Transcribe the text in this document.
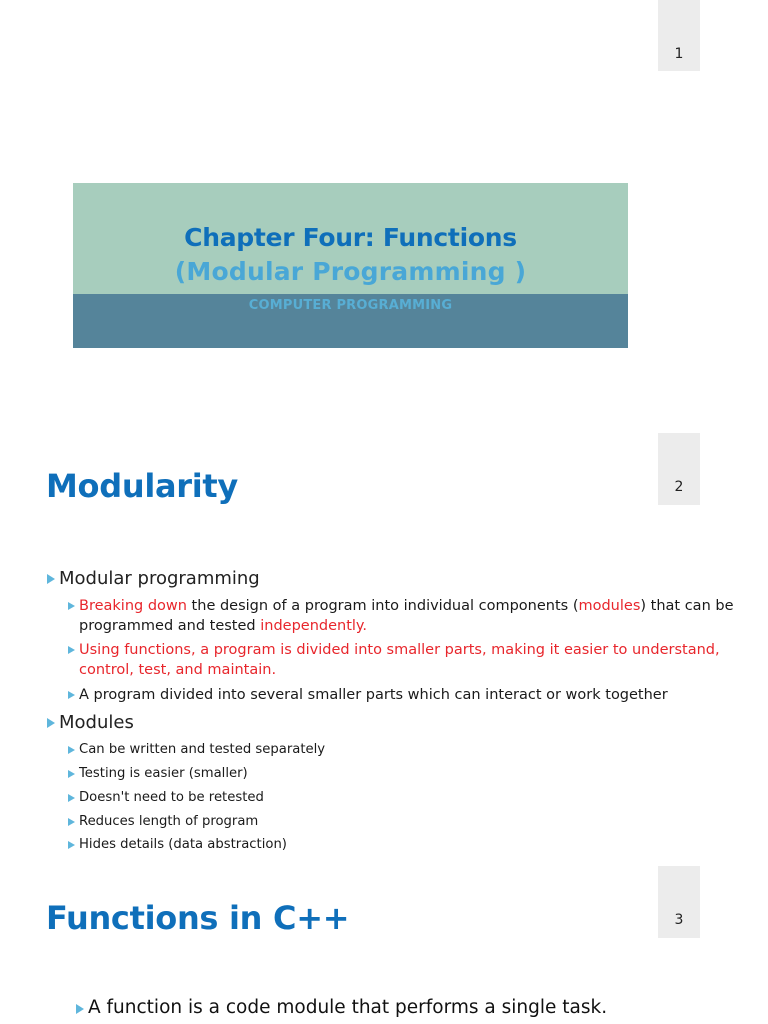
1
2
3
Chapter Four: Functions
(Modular Programming )
COMPUTER PROGRAMMING
Modularity
Modular programming
Breaking down the design of a program into individual components (modules) that can be programmed and tested independently.
Using functions, a program is divided into smaller parts, making it easier to understand, control, test, and maintain.
A program divided into several smaller parts which can interact or work together
Modules
Can be written and tested separately
Testing is easier (smaller)
Doesn't need to be retested
Reduces length of program
Hides details (data abstraction)
Functions in C++
A function is a code module that performs a single task.
